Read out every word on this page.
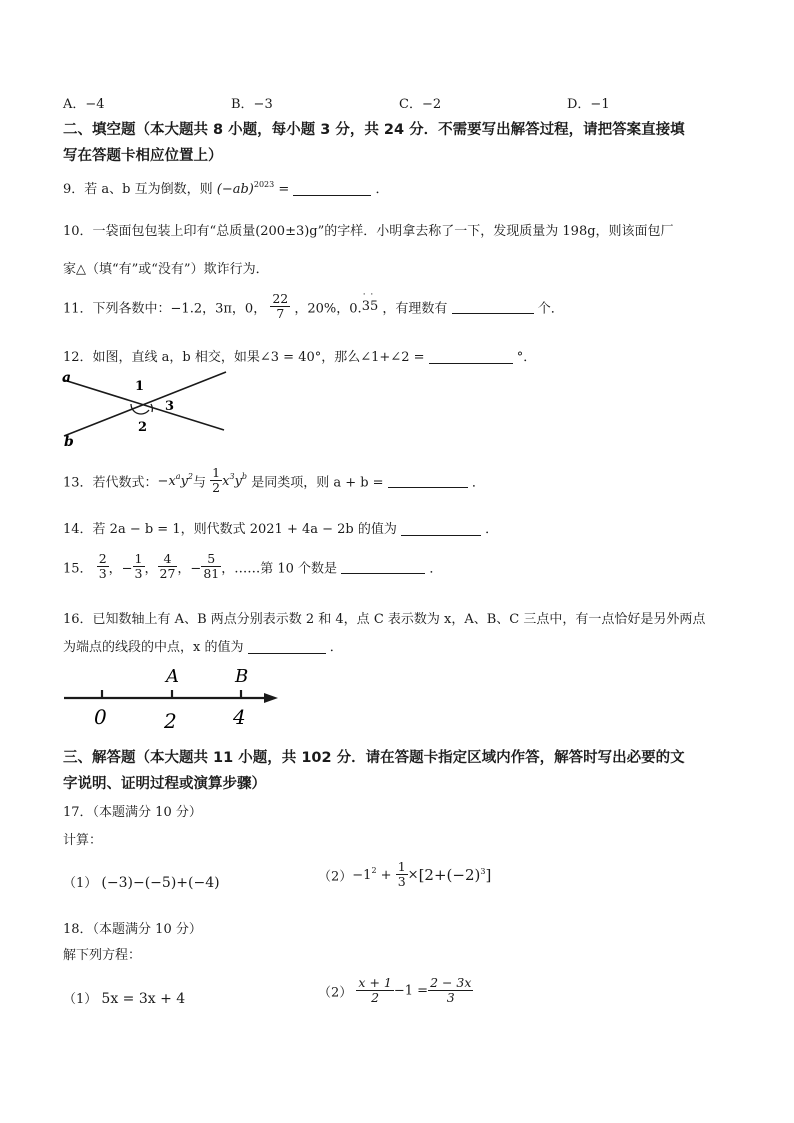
A．−4	B．−3	C．−2	D．−1
二、填空题（本大题共 8 小题，每小题 3 分，共 24 分．不需要写出解答过程，请把答案直接填
写在答题卡相应位置上）
9．若 a、b 互为倒数，则 $(-ab)^{2023}$ =	．
10．一袋面包包装上印有“总质量(200±3)g”的字样．小明拿去称了一下，发现质量为 198g，则该面包厂
家△（填“有”或“没有”）欺诈行为．
11．下列各数中：−1.2，3π，0， $\frac{22}{7}$ ，20%，0.
· ·
35 ，有理数有	个．
12．如图，直线 a，b 相交，如果∠3 = 40°，那么∠1+∠2 =	°．
a
b
1
2
3
13．若代数式：$-x^ay^2$与 $\frac{1}{2} x^3y^b$ 是同类项，则 a + b =	．
14．若 2a − b = 1，则代数式 2021 + 4a − 2b 的值为	．
15． $\frac{2}{3}$ ，− $\frac{1}{3}$ ， $\frac{4}{27}$ ，− $\frac{5}{81}$ ，……第 10 个数是	．
16．已知数轴上有 A、B 两点分别表示数 2 和 4，点 C 表示数为 x，A、B、C 三点中，有一点恰好是另外两点
为端点的线段的中点，x 的值为	．
A	B
0	2	4
三、解答题（本大题共 11 小题，共 102 分．请在答题卡指定区域内作答，解答时写出必要的文
字说明、证明过程或演算步骤）
17．（本题满分 10 分）
计算：
（1） (−3)−(−5)+(−4)	$(2)-1^2 + \frac{1}{3} \times[2+(-2)^3]$
18．（本题满分 10 分）
解下列方程：
（1） 5x = 3x + 4	$(2) \frac{x + 1}{2} -1 = \frac{2 - 3x}{3}$
